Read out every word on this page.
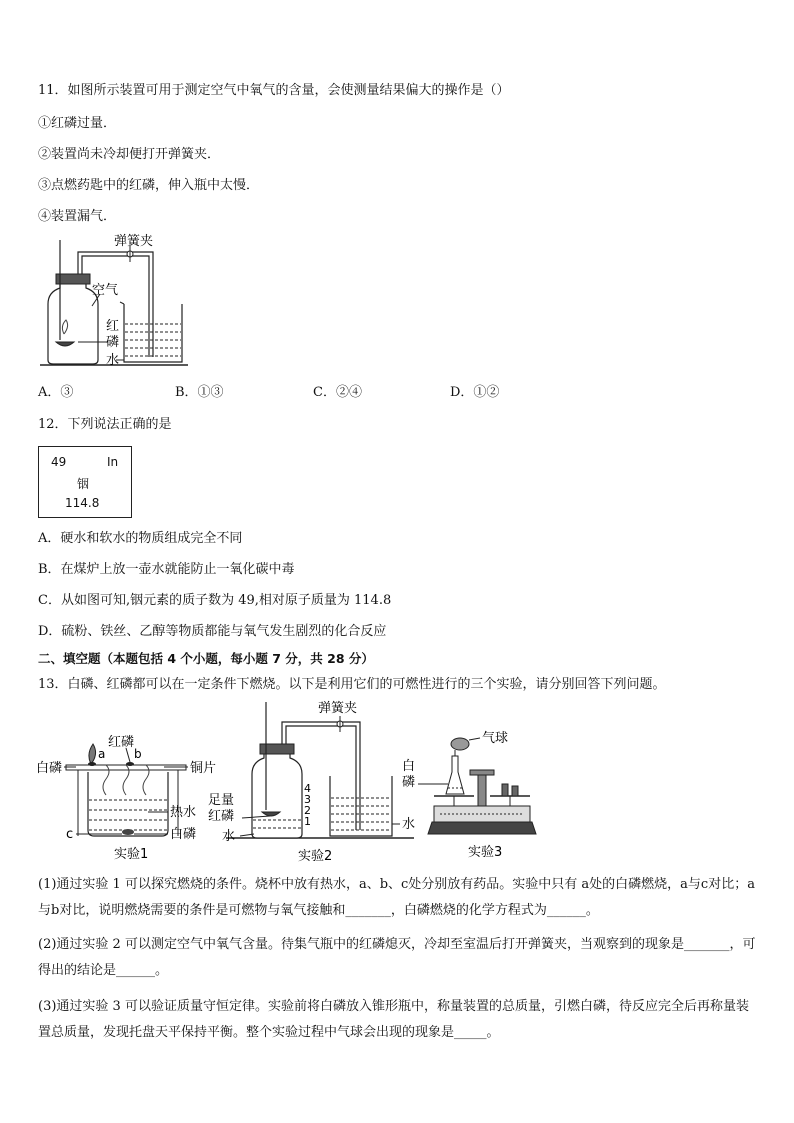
11．如图所示装置可用于测定空气中氧气的含量，会使测量结果偏大的操作是（）
①红磷过量．
②装置尚未冷却便打开弹簧夹．
③点燃药匙中的红磷，伸入瓶中太慢．
④装置漏气．
弹簧夹
空气
红
磷
水
A．③	B．①③	C．②④	D．①②
12．下列说法正确的是
49	In
铟
114.8
A．硬水和软水的物质组成完全不同
B．在煤炉上放一壶水就能防止一氧化碳中毒
C．从如图可知,铟元素的质子数为 49,相对原子质量为 114.8
D．硫粉、铁丝、乙醇等物质都能与氧气发生剧烈的化合反应
二、填空题（本题包括 4 个小题，每小题 7 分，共 28 分）
13．白磷、红磷都可以在一定条件下燃烧。以下是利用它们的可燃性进行的三个实验，请分别回答下列问题。
红磷
白磷
a b
铜片
热水
c	白磷
实验1
弹簧夹
足量
红磷
水
水
4
3
2
1
实验2
白
磷
气球
实验3
(1)通过实验 1 可以探究燃烧的条件。烧杯中放有热水，a、b、c处分别放有药品。实验中只有 a处的白磷燃烧，a与c对比；a与b对比，说明燃烧需要的条件是可燃物与氧气接触和_______，白磷燃烧的化学方程式为______。
(2)通过实验 2 可以测定空气中氧气含量。待集气瓶中的红磷熄灭，冷却至室温后打开弹簧夹，当观察到的现象是_______，可得出的结论是______。
(3)通过实验 3 可以验证质量守恒定律。实验前将白磷放入锥形瓶中，称量装置的总质量，引燃白磷，待反应完全后再称量装置总质量，发现托盘天平保持平衡。整个实验过程中气球会出现的现象是_____。
